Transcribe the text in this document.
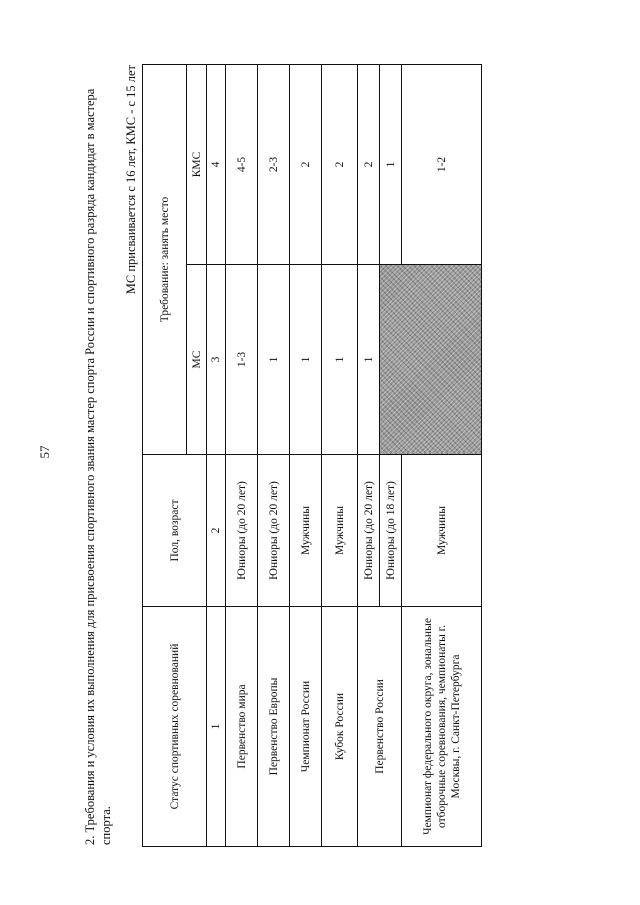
57 2. Требования и условия их выполнения для присвоения спортивного звания мастер спорта России и спортивного разряда кандидат в мастера спорта.
МС присваивается с 16 лет, КМС - с 15 лет
Статус спортивных соревнований	Пол, возраст	Требование: занять место	
		МС	КМС
1	2	3	4
Первенство мира	Юниоры (до 20 лет)	1-3	4-5
Первенство Европы	Юниоры (до 20 лет)	1	2-3
Чемпионат России	Мужчины	1	2
Кубок России	Мужчины	1	2
Первенство России	Юниоры (до 20 лет)	1	2
	Юниоры (до 18 лет)		1
Чемпионат федерального округа, зональные отборочные соревнования, чемпионаты г. Москвы, г. Санкт-Петербурга	Мужчины		1-2
